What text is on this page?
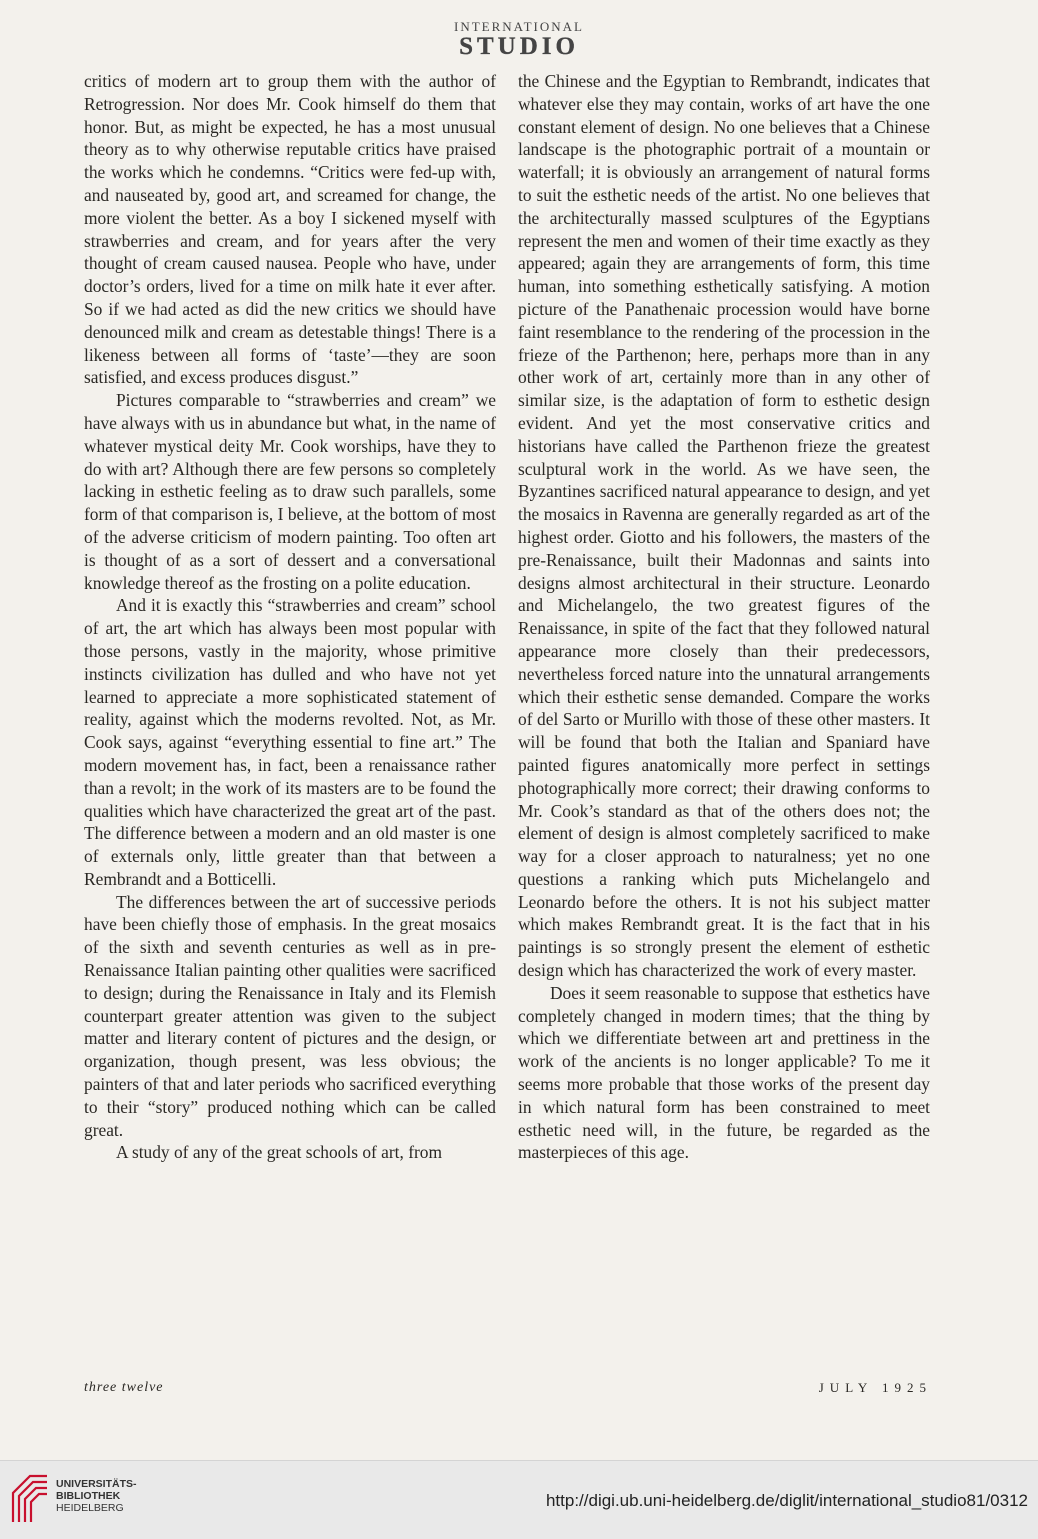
INTERNATIONAL
STUDIO

critics of modern art to group them with the author of Retrogression. Nor does Mr. Cook himself do them that honor. But, as might be expected, he has a most unusual theory as to why otherwise reputable critics have praised the works which he condemns. “Critics were fed-up with, and nauseated by, good art, and screamed for change, the more violent the better. As a boy I sickened myself with strawberries and cream, and for years after the very thought of cream caused nausea. People who have, under doctor’s orders, lived for a time on milk hate it ever after. So if we had acted as did the new critics we should have denounced milk and cream as detestable things! There is a likeness between all forms of ‘taste’—they are soon satisfied, and excess produces disgust.”

Pictures comparable to “strawberries and cream” we have always with us in abundance but what, in the name of whatever mystical deity Mr. Cook worships, have they to do with art? Although there are few persons so completely lacking in esthetic feeling as to draw such parallels, some form of that comparison is, I believe, at the bottom of most of the adverse criticism of modern painting. Too often art is thought of as a sort of dessert and a conversational knowledge thereof as the frosting on a polite education.

And it is exactly this “strawberries and cream” school of art, the art which has always been most popular with those persons, vastly in the majority, whose primitive instincts civilization has dulled and who have not yet learned to appreciate a more sophisticated statement of reality, against which the moderns revolted. Not, as Mr. Cook says, against “everything essential to fine art.” The modern movement has, in fact, been a renaissance rather than a revolt; in the work of its masters are to be found the qualities which have characterized the great art of the past. The difference between a modern and an old master is one of externals only, little greater than that between a Rembrandt and a Botticelli.

The differences between the art of successive periods have been chiefly those of emphasis. In the great mosaics of the sixth and seventh centuries as well as in pre-Renaissance Italian painting other qualities were sacrificed to design; during the Renaissance in Italy and its Flemish counterpart greater attention was given to the subject matter and literary content of pictures and the design, or organization, though present, was less obvious; the painters of that and later periods who sacrificed everything to their “story” produced nothing which can be called great.

A study of any of the great schools of art, from

the Chinese and the Egyptian to Rembrandt, indicates that whatever else they may contain, works of art have the one constant element of design. No one believes that a Chinese landscape is the photographic portrait of a mountain or waterfall; it is obviously an arrangement of natural forms to suit the esthetic needs of the artist. No one believes that the architecturally massed sculptures of the Egyptians represent the men and women of their time exactly as they appeared; again they are arrangements of form, this time human, into something esthetically satisfying. A motion picture of the Panathenaic procession would have borne faint resemblance to the rendering of the procession in the frieze of the Parthenon; here, perhaps more than in any other work of art, certainly more than in any other of similar size, is the adaptation of form to esthetic design evident. And yet the most conservative critics and historians have called the Parthenon frieze the greatest sculptural work in the world. As we have seen, the Byzantines sacrificed natural appearance to design, and yet the mosaics in Ravenna are generally regarded as art of the highest order. Giotto and his followers, the masters of the pre-Renaissance, built their Madonnas and saints into designs almost architectural in their structure. Leonardo and Michelangelo, the two greatest figures of the Renaissance, in spite of the fact that they followed natural appearance more closely than their predecessors, nevertheless forced nature into the unnatural arrangements which their esthetic sense demanded. Compare the works of del Sarto or Murillo with those of these other masters. It will be found that both the Italian and Spaniard have painted figures anatomically more perfect in settings photographically more correct; their drawing conforms to Mr. Cook’s standard as that of the others does not; the element of design is almost completely sacrificed to make way for a closer approach to naturalness; yet no one questions a ranking which puts Michelangelo and Leonardo before the others. It is not his subject matter which makes Rembrandt great. It is the fact that in his paintings is so strongly present the element of esthetic design which has characterized the work of every master.

Does it seem reasonable to suppose that esthetics have completely changed in modern times; that the thing by which we differentiate between art and prettiness in the work of the ancients is no longer applicable? To me it seems more probable that those works of the present day in which natural form has been constrained to meet esthetic need will, in the future, be regarded as the masterpieces of this age.

three twelve	JULY 1925
UNIVERSITÄTS-
BIBLIOTHEK
HEIDELBERG	http://digi.ub.uni-heidelberg.de/diglit/international_studio81/0312
